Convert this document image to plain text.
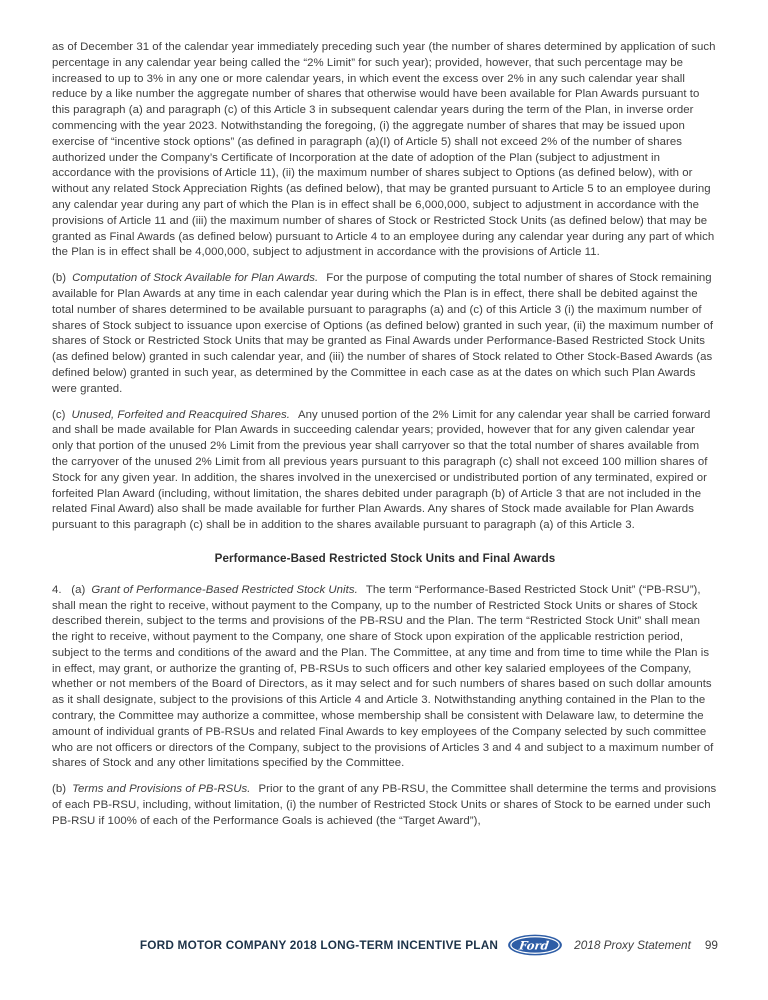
as of December 31 of the calendar year immediately preceding such year (the number of shares determined by application of such percentage in any calendar year being called the “2% Limit” for such year); provided, however, that such percentage may be increased to up to 3% in any one or more calendar years, in which event the excess over 2% in any such calendar year shall reduce by a like number the aggregate number of shares that otherwise would have been available for Plan Awards pursuant to this paragraph (a) and paragraph (c) of this Article 3 in subsequent calendar years during the term of the Plan, in inverse order commencing with the year 2023. Notwithstanding the foregoing, (i) the aggregate number of shares that may be issued upon exercise of “incentive stock options” (as defined in paragraph (a)(I) of Article 5) shall not exceed 2% of the number of shares authorized under the Company’s Certificate of Incorporation at the date of adoption of the Plan (subject to adjustment in accordance with the provisions of Article 11), (ii) the maximum number of shares subject to Options (as defined below), with or without any related Stock Appreciation Rights (as defined below), that may be granted pursuant to Article 5 to an employee during any calendar year during any part of which the Plan is in effect shall be 6,000,000, subject to adjustment in accordance with the provisions of Article 11 and (iii) the maximum number of shares of Stock or Restricted Stock Units (as defined below) that may be granted as Final Awards (as defined below) pursuant to Article 4 to an employee during any calendar year during any part of which the Plan is in effect shall be 4,000,000, subject to adjustment in accordance with the provisions of Article 11.

(b) Computation of Stock Available for Plan Awards. For the purpose of computing the total number of shares of Stock remaining available for Plan Awards at any time in each calendar year during which the Plan is in effect, there shall be debited against the total number of shares determined to be available pursuant to paragraphs (a) and (c) of this Article 3 (i) the maximum number of shares of Stock subject to issuance upon exercise of Options (as defined below) granted in such year, (ii) the maximum number of shares of Stock or Restricted Stock Units that may be granted as Final Awards under Performance-Based Restricted Stock Units (as defined below) granted in such calendar year, and (iii) the number of shares of Stock related to Other Stock-Based Awards (as defined below) granted in such year, as determined by the Committee in each case as at the dates on which such Plan Awards were granted.

(c) Unused, Forfeited and Reacquired Shares. Any unused portion of the 2% Limit for any calendar year shall be carried forward and shall be made available for Plan Awards in succeeding calendar years; provided, however that for any given calendar year only that portion of the unused 2% Limit from the previous year shall carryover so that the total number of shares available from the carryover of the unused 2% Limit from all previous years pursuant to this paragraph (c) shall not exceed 100 million shares of Stock for any given year. In addition, the shares involved in the unexercised or undistributed portion of any terminated, expired or forfeited Plan Award (including, without limitation, the shares debited under paragraph (b) of Article 3 that are not included in the related Final Award) also shall be made available for further Plan Awards. Any shares of Stock made available for Plan Awards pursuant to this paragraph (c) shall be in addition to the shares available pursuant to paragraph (a) of this Article 3.

Performance-Based Restricted Stock Units and Final Awards

4.   (a) Grant of Performance-Based Restricted Stock Units. The term “Performance-Based Restricted Stock Unit” (“PB-RSU”), shall mean the right to receive, without payment to the Company, up to the number of Restricted Stock Units or shares of Stock described therein, subject to the terms and provisions of the PB-RSU and the Plan. The term “Restricted Stock Unit” shall mean the right to receive, without payment to the Company, one share of Stock upon expiration of the applicable restriction period, subject to the terms and conditions of the award and the Plan. The Committee, at any time and from time to time while the Plan is in effect, may grant, or authorize the granting of, PB-RSUs to such officers and other key salaried employees of the Company, whether or not members of the Board of Directors, as it may select and for such numbers of shares based on such dollar amounts as it shall designate, subject to the provisions of this Article 4 and Article 3. Notwithstanding anything contained in the Plan to the contrary, the Committee may authorize a committee, whose membership shall be consistent with Delaware law, to determine the amount of individual grants of PB-RSUs and related Final Awards to key employees of the Company selected by such committee who are not officers or directors of the Company, subject to the provisions of Articles 3 and 4 and subject to a maximum number of shares of Stock and any other limitations specified by the Committee.

(b) Terms and Provisions of PB-RSUs. Prior to the grant of any PB-RSU, the Committee shall determine the terms and provisions of each PB-RSU, including, without limitation, (i) the number of Restricted Stock Units or shares of Stock to be earned under such PB-RSU if 100% of each of the Performance Goals is achieved (the “Target Award”),

FORD MOTOR COMPANY 2018 LONG-TERM INCENTIVE PLAN Ford 2018 Proxy Statement 99
